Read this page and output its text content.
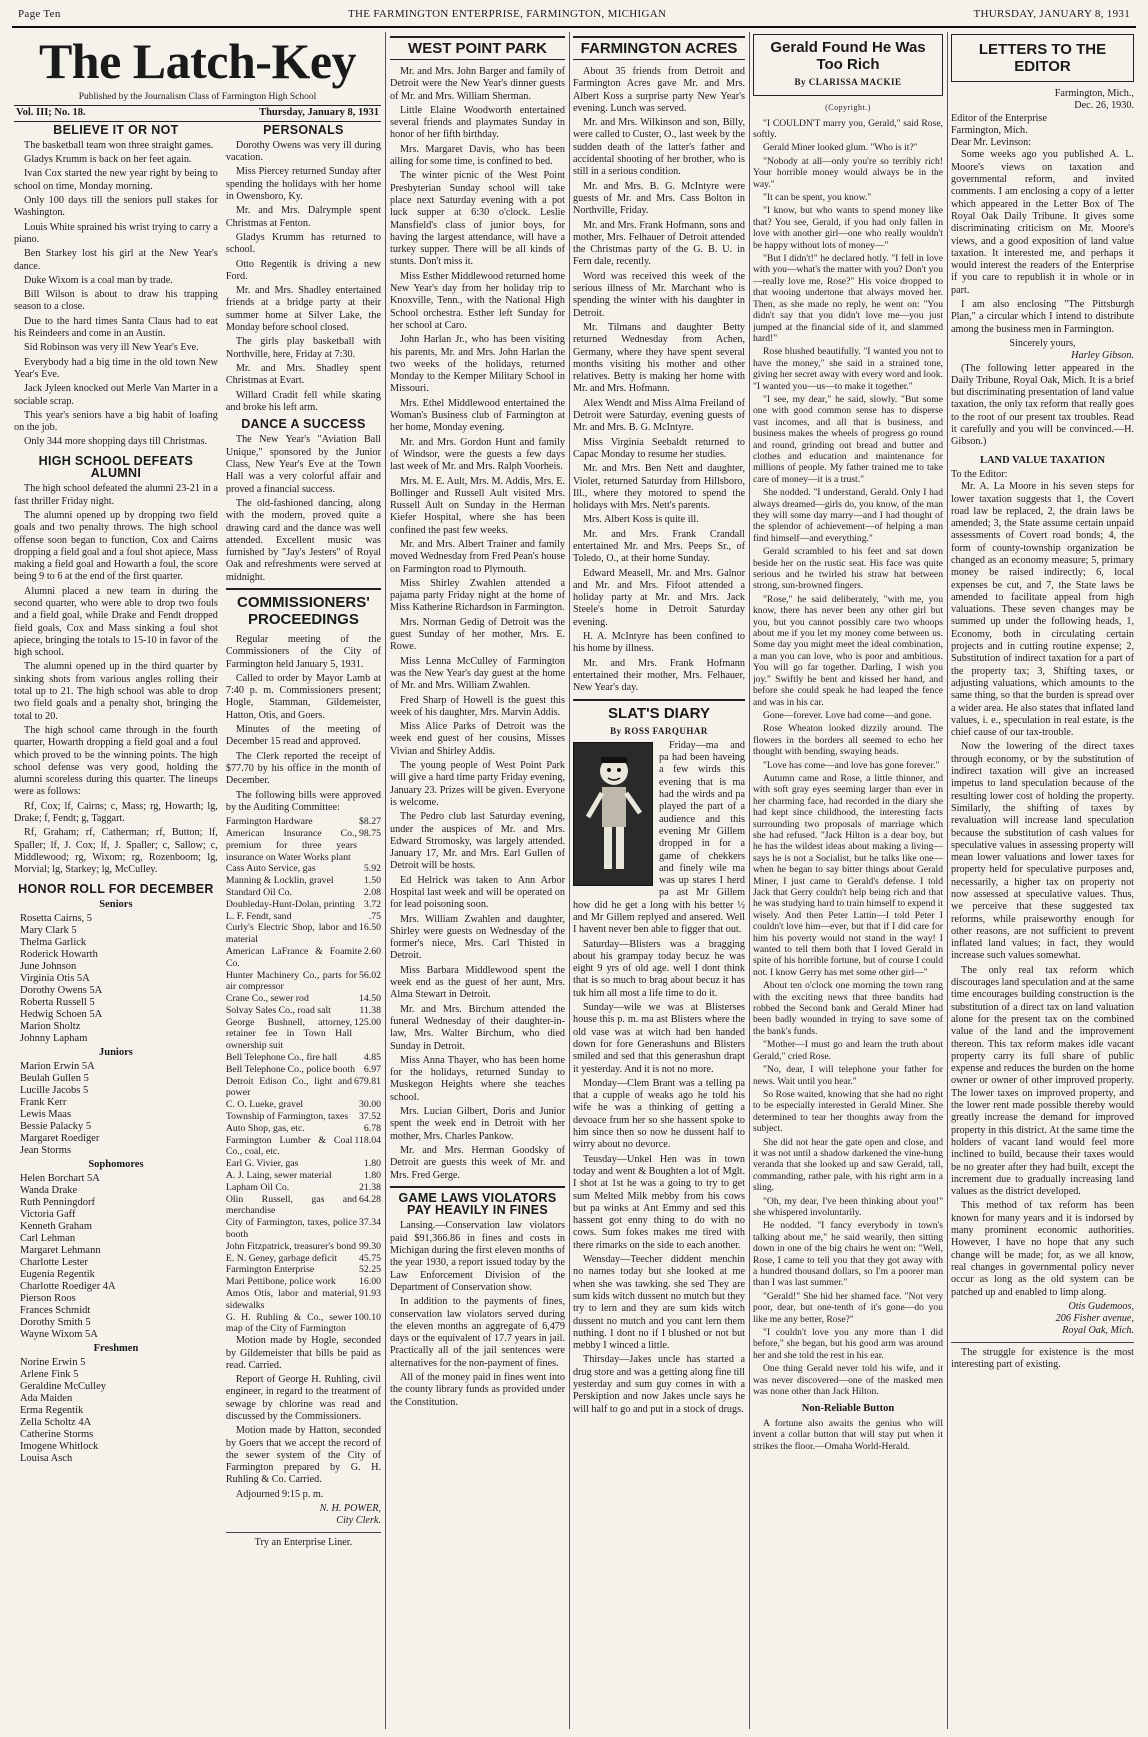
Page Ten	THE FARMINGTON ENTERPRISE, FARMINGTON, MICHIGAN	THURSDAY, JANUARY 8, 1931
The Latch-Key
Published by the Journalism Class of Farmington High School
Vol. III; No. 18.	Thursday, January 8, 1931
BELIEVE IT OR NOT

The basketball team won three straight games.

Gladys Krumm is back on her feet again.

Ivan Cox started the new year right by being to school on time, Monday morning.

Only 100 days till the seniors pull stakes for Washington.

Louis White sprained his wrist trying to carry a piano.

Ben Starkey lost his girl at the New Year's dance.

Duke Wixom is a coal man by trade.

Bill Wilson is about to draw his trapping season to a close.

Due to the hard times Santa Claus had to eat his Reindeers and come in an Austin.

Sid Robinson was very ill New Year's Eve.

Everybody had a big time in the old town New Year's Eve.

Jack Jyleen knocked out Merle Van Marter in a sociable scrap.

This year's seniors have a big habit of loafing on the job.

Only 344 more shopping days till Christmas.

HIGH SCHOOL DEFEATS ALUMNI

The high school defeated the alumni 23-21 in a fast thriller Friday night.

The alumni opened up by dropping two field goals and two penalty throws. The high school offense soon began to function, Cox and Cairns dropping a field goal and a foul shot apiece, Mass making a field goal and Howarth a foul, the score being 9 to 6 at the end of the first quarter.

Alumni placed a new team in during the second quarter, who were able to drop two fouls and a field goal, while Drake and Fendt dropped field goals, Cox and Mass sinking a foul shot apiece, bringing the totals to 15-10 in favor of the high school.

The alumni opened up in the third quarter by sinking shots from various angles rolling their total up to 21. The high school was able to drop two field goals and a penalty shot, bringing the total to 20.

The high school came through in the fourth quarter, Howarth dropping a field goal and a foul which proved to be the winning points. The high school defense was very good, holding the alumni scoreless during this quarter. The lineups were as follows:

Rf, Cox; lf, Cairns; c, Mass; rg, Howarth; lg, Drake; f, Fendt; g, Taggart.

Rf, Graham; rf, Catherman; rf, Button; lf, Spaller; lf, J. Cox; lf, J. Spaller; c, Sallow; c, Middlewood; rg, Wixom; rg, Rozenboom; lg, Morvial; lg, Starkey; lg, McCulley.

HONOR ROLL FOR DECEMBER
Seniors
Rosetta Cairns, 5
Mary Clark 5
Thelma Garlick
Roderick Howarth
June Johnson
Virginia Otis 5A
Dorothy Owens 5A
Roberta Russell 5
Hedwig Schoen 5A
Marion Sholtz
Johnny Lapham
Juniors
Marion Erwin 5A
Beulah Gullen 5
Lucille Jacobs 5
Frank Kerr
Lewis Maas
Bessie Palacky 5
Margaret Roediger
Jean Storms
Sophomores
Helen Borchart 5A
Wanda Drake
Ruth Penningdorf
Victoria Gaff
Kenneth Graham
Carl Lehman
Margaret Lehmann
Charlotte Lester
Eugenia Regentik
Charlotte Roediger 4A
Pierson Roos
Frances Schmidt
Dorothy Smith 5
Wayne Wixom 5A
Freshmen
Norine Erwin 5
Arlene Fink 5
Geraldine McCulley
Ada Maiden
Erma Regentik
Zella Scholtz 4A
Catherine Storms
Imogene Whitlock
Louisa Asch
PERSONALS

Dorothy Owens was very ill during vacation.

Miss Piercey returned Sunday after spending the holidays with her home in Owensboro, Ky.

Mr. and Mrs. Dalrymple spent Christmas at Fenton.

Gladys Krumm has returned to school.

Otto Regentik is driving a new Ford.

Mr. and Mrs. Shadley entertained friends at a bridge party at their summer home at Silver Lake, the Monday before school closed.

The girls play basketball with Northville, here, Friday at 7:30.

Mr. and Mrs. Shadley spent Christmas at Evart.

Willard Cradit fell while skating and broke his left arm.

DANCE A SUCCESS

The New Year's "Aviation Ball Unique," sponsored by the Junior Class, New Year's Eve at the Town Hall was a very colorful affair and proved a financial success.

The old-fashioned dancing, along with the modern, proved quite a drawing card and the dance was well attended. Excellent music was furnished by "Jay's Jesters" of Royal Oak and refreshments were served at midnight.

COMMISSIONERS' PROCEEDINGS

Regular meeting of the Commissioners of the City of Farmington held January 5, 1931.

Called to order by Mayor Lamb at 7:40 p. m. Commissioners present; Hogle, Stamman, Gildemeister, Hatton, Otis, and Goers.

Minutes of the meeting of December 15 read and approved.

The Clerk reported the receipt of $77.70 by his office in the month of December.

The following bills were approved by the Auditing Committee:

Farmington Hardware	$8.27
American Insurance Co., premium for three years insurance on Water Works plant
98.75
Cass Auto Service, gas	5.92
Manning & Locklin, gravel	1.50
Standard Oil Co.	2.08
Doubleday-Hunt-Dolan, printing 3.72
L. F. Fendt, sand	.75
Curly's Electric Shop, labor and material
16.50
American LaFrance & Foamite Co.
2.60
Hunter Machinery Co., parts for air compressor
56.02
Crane Co., sewer rod	14.50
Solvay Sales Co., road salt	11.38
George Bushnell, attorney, retainer fee in Town Hall ownership suit
125.00
Bell Telephone Co., fire hall	4.85
Bell Telephone Co., police booth 6.97
Detroit Edison Co., light and power
679.81
C. O. Lueke, gravel	30.00
Township of Farmington, taxes 37.52
Auto Shop, gas, etc.	6.78
Farmington Lumber & Coal Co., coal, etc.
118.04
Earl G. Vivier, gas	1.80
A. J. Laing, sewer material	1.80
Lapham Oil Co.	21.38
Olin Russell, gas and merchandise
64.28
City of Farmington, taxes, police booth
37.34
John Fitzpatrick, treasurer's bond 99.30
E. N. Geney, garbage deficit 45.75
Farmington Enterprise	52.25
Mari Pettibone, police work 16.00
Amos Otis, labor and material, sidewalks
91.93
G. H. Ruhling & Co., sewer map of the City of Farmington
100.10

Motion made by Hogle, seconded by Gildemeister that bills be paid as read. Carried.

Report of George H. Ruhling, civil engineer, in regard to the treatment of sewage by chlorine was read and discussed by the Commissioners.

Motion made by Hatton, seconded by Goers that we accept the record of the sewer system of the City of Farmington prepared by G. H. Ruhling & Co. Carried.

Adjourned 9:15 p. m.

N. H. POWER,
City Clerk.
Try an Enterprise Liner.
WEST POINT PARK

Mr. and Mrs. John Barger and family of Detroit were the New Year's dinner guests of Mr. and Mrs. William Sherman.

Little Elaine Woodworth entertained several friends and playmates Sunday in honor of her fifth birthday.

Mrs. Margaret Davis, who has been ailing for some time, is confined to bed.

The winter picnic of the West Point Presbyterian Sunday school will take place next Saturday evening with a pot luck supper at 6:30 o'clock. Leslie Mansfield's class of junior boys, for having the largest attendance, will have a turkey supper. There will be all kinds of stunts. Don't miss it.

Miss Esther Middlewood returned home New Year's day from her holiday trip to Knoxville, Tenn., with the National High School orchestra. Esther left Sunday for her school at Caro.

John Harlan Jr., who has been visiting his parents, Mr. and Mrs. John Harlan the two weeks of the holidays, returned Monday to the Kemper Military School in Missouri.

Mrs. Ethel Middlewood entertained the Woman's Business club of Farmington at her home, Monday evening.

Mr. and Mrs. Gordon Hunt and family of Windsor, were the guests a few days last week of Mr. and Mrs. Ralph Voorheis.

Mrs. M. E. Ault, Mrs. M. Addis, Mrs. E. Bollinger and Russell Ault visited Mrs. Russell Ault on Sunday in the Herman Kiefer Hospital, where she has been confined the past few weeks.

Mr. and Mrs. Albert Trainer and family moved Wednesday from Fred Pean's house on Farmington road to Plymouth.

Miss Shirley Zwahlen attended a pajama party Friday night at the home of Miss Katherine Richardson in Farmington.

Mrs. Norman Gedig of Detroit was the guest Sunday of her mother, Mrs. E. Rowe.

Miss Lenna McCulley of Farmington was the New Year's day guest at the home of Mr. and Mrs. William Zwahlen.

Fred Sharp of Howell is the guest this week of his daughter, Mrs. Marvin Addis.

Miss Alice Parks of Detroit was the week end guest of her cousins, Misses Vivian and Shirley Addis.

The young people of West Point Park will give a hard time party Friday evening, January 23. Prizes will be given. Everyone is welcome.

The Pedro club last Saturday evening, under the auspices of Mr. and Mrs. Edward Stromosky, was largely attended. January 17, Mr. and Mrs. Earl Gullen of Detroit will be hosts.

Ed Helrick was taken to Ann Arbor Hospital last week and will be operated on for lead poisoning soon.

Mrs. William Zwahlen and daughter, Shirley were guests on Wednesday of the former's niece, Mrs. Carl Thisted in Detroit.

Miss Barbara Middlewood spent the week end as the guest of her aunt, Mrs. Alma Stewart in Detroit.

Mr. and Mrs. Birchum attended the funeral Wednesday of their daughter-in-law, Mrs. Walter Birchum, who died Sunday in Detroit.

Miss Anna Thayer, who has been home for the holidays, returned Sunday to Muskegon Heights where she teaches school.

Mrs. Lucian Gilbert, Doris and Junior spent the week end in Detroit with her mother, Mrs. Charles Pankow.

Mr. and Mrs. Herman Goodsky of Detroit are guests this week of Mr. and Mrs. Fred Gerge.

GAME LAWS VIOLATORS PAY HEAVILY IN FINES

Lansing.—Conservation law violators paid $91,366.86 in fines and costs in Michigan during the first eleven months of the year 1930, a report issued today by the Law Enforcement Division of the Department of Conservation show.

In addition to the payments of fines, conservation law violators served during the eleven months an aggregate of 6,479 days or the equivalent of 17.7 years in jail. Practically all of the jail sentences were alternatives for the non-payment of fines.

All of the money paid in fines went into the county library funds as provided under the Constitution.

FARMINGTON ACRES

About 35 friends from Detroit and Farmington Acres gave Mr. and Mrs. Albert Koss a surprise party New Year's evening. Lunch was served.

Mr. and Mrs. Wilkinson and son, Billy, were called to Custer, O., last week by the sudden death of the latter's father and accidental shooting of her brother, who is still in a serious condition.

Mr. and Mrs. B. G. McIntyre were guests of Mr. and Mrs. Cass Bolton in Northville, Friday.

Mr. and Mrs. Frank Hofmann, sons and mother, Mrs. Felhauer of Detroit attended the Christmas party of the G. B. U. in Fern dale, recently.

Word was received this week of the serious illness of Mr. Marchant who is spending the winter with his daughter in Detroit.

Mr. Tilmans and daughter Betty returned Wednesday from Achen, Germany, where they have spent several months visiting his mother and other relatives. Betty is making her home with Mr. and Mrs. Hofmann.

Alex Wendt and Miss Alma Freiland of Detroit were Saturday, evening guests of Mr. and Mrs. B. G. McIntyre.

Miss Virginia Seebaldt returned to Capac Monday to resume her studies.

Mr. and Mrs. Ben Nett and daughter, Violet, returned Saturday from Hillsboro, Ill., where they motored to spend the holidays with Mrs. Nett's parents.

Mrs. Albert Koss is quite ill.

Mr. and Mrs. Frank Crandall entertained Mr. and Mrs. Peeps Sr., of Toledo, O., at their home Sunday.

Edward Measell, Mr. and Mrs. Galnor and Mr. and Mrs. Fifoot attended a holiday party at Mr. and Mrs. Jack Steele's home in Detroit Saturday evening.

H. A. McIntyre has been confined to his home by illness.

Mr. and Mrs. Frank Hofmann entertained their mother, Mrs. Felhauer, New Year's day.

SLAT'S DIARY
By ROSS FARQUHAR

Friday—ma and pa had been haveing a few wirds this evening that is ma had the wirds and pa played the part of a audience and this evening Mr Gillem dropped in for a game of chekkers and finely wile ma was up stares I herd pa ast Mr Gillem how did he get a long with his better ½ and Mr Gillem replyed and ansered. Well I havent never ben able to figger that out.

Saturday—Blisters was a bragging about his grampay today becuz he was eight 9 yrs of old age. well I dont think that is so much to brag about becuz it has tuk him all most a life time to do it.

Sunday—wile we was at Blisterses house this p. m. ma ast Blisters where the old vase was at witch had ben handed down for fore Generashuns and Blisters smiled and sed that this generashun drapt it yesterday. And it is not no more.

Monday—Clem Brant was a telling pa that a cupple of weaks ago he told his wife he was a thinking of getting a devoace frum her so she hassent spoke to him since then so now he dussent half to wirry about no devorce.

Teusday—Unkel Hen was in town today and went & Boughten a lot of Mglt. I shot at 1st he was a going to try to get sum Melted Milk mebby from his cows but pa winks at Ant Emmy and sed this hassent got enny thing to do with no cows. Sum fokes makes me tired with there rimarks on the side to each another.

Wensday—Teecher diddent menchin no names today but she looked at me when she was tawking. she sed They are sum kids witch dussent no mutch but they try to lern and they are sum kids witch dussent no mutch and you cant lern them nuthing. I dont no if I blushed or not but mebby I winced a little.

Thirsday—Jakes uncle has started a drug store and was a getting along fine till yesterday and sum guy comes in with a Perskiption and now Jakes uncle says he will half to go and put in a stock of drugs.

Gerald Found He Was Too Rich
By CLARISSA MACKIE
(Copyright.)

"I COULDN'T marry you, Gerald," said Rose, softly.

Gerald Miner looked glum. "Who is it?"

"Nobody at all—only you're so terribly rich! Your horrible money would always be in the way."

"It can be spent, you know."

"I know, but who wants to spend money like that? You see, Gerald, if you had only fallen in love with another girl—one who really wouldn't be happy without lots of money—"

"But I didn't!" he declared hotly. "I fell in love with you—what's the matter with you? Don't you—really love me, Rose?" His voice dropped to that wooing undertone that always moved her. Then, as she made no reply, he went on: "You didn't say that you didn't love me—you just jumped at the financial side of it, and slammed hard!"

Rose blushed beautifully. "I wanted you not to have the money," she said in a strained tone, giving her secret away with every word and look. "I wanted you—us—to make it together."

"I see, my dear," he said, slowly. "But some one with good common sense has to disperse vast incomes, and all that is business, and business makes the wheels of progress go round and round, grinding out bread and butter and clothes and education and maintenance for millions of people. My father trained me to take care of money—it is a trust."

She nodded. "I understand, Gerald. Only I had always dreamed—girls do, you know, of the man they will some day marry—and I had thought of the splendor of achievement—of helping a man find himself—and everything."

Gerald scrambled to his feet and sat down beside her on the rustic seat. His face was quite serious and he twirled his straw hat between strong, sun-browned fingers.

"Rose," he said deliberately, "with me, you know, there has never been any other girl but you, but you cannot possibly care two whoops about me if you let my money come between us. Some day you might meet the ideal combination, a man you can love, who is poor and ambitious. You will go far together. Darling, I wish you joy." Swiftly he bent and kissed her hand, and before she could speak he had leaped the fence and was in his car.

Gone—forever. Love had come—and gone.

Rose Wheaton looked dizzily around. The flowers in the borders all seemed to echo her thought with bending, swaying heads.

"Love has come—and love has gone forever."

Autumn came and Rose, a little thinner, and with soft gray eyes seeming larger than ever in her charming face, had recorded in the diary she had kept since childhood, the interesting facts surrounding two proposals of marriage which she had refused. "Jack Hilton is a dear boy, but he has the wildest ideas about making a living—says he is not a Socialist, but he talks like one—when he began to say bitter things about Gerald Miner, I just came to Gerald's defense. I told Jack that Gerry couldn't help being rich and that he was studying hard to train himself to expend it wisely. And then Peter Lattin—I told Peter I couldn't love him—ever, but that if I did care for him his poverty would not stand in the way! I wanted to tell them both that I loved Gerald in spite of his horrible fortune, but of course I could not. I know Gerry has met some other girl—"

About ten o'clock one morning the town rang with the exciting news that three bandits had robbed the Second bank and Gerald Miner had been badly wounded in trying to save some of the bank's funds.

"Mother—I must go and learn the truth about Gerald," cried Rose.

"No, dear, I will telephone your father for news. Wait until you hear."

So Rose waited, knowing that she had no right to be especially interested in Gerald Miner. She determined to tear her thoughts away from the subject.

She did not hear the gate open and close, and it was not until a shadow darkened the vine-hung veranda that she looked up and saw Gerald, tall, commanding, rather pale, with his right arm in a sling.

"Oh, my dear, I've been thinking about you!" she whispered involuntarily.

He nodded. "I fancy everybody in town's talking about me," he said wearily, then sitting down in one of the big chairs he went on: "Well, Rose, I came to tell you that they got away with a hundred thousand dollars, so I'm a poorer man than I was last summer."

"Gerald!" She hid her shamed face. "Not very poor, dear, but one-tenth of it's gone—do you like me any better, Rose?"

"I couldn't love you any more than I did before," she began, but his good arm was around her and she told the rest in his ear.

One thing Gerald never told his wife, and it was never discovered—one of the masked men was none other than Jack Hilton.

Non-Reliable Button

A fortune also awaits the genius who will invent a collar button that will stay put when it strikes the floor.—Omaha World-Herald.

LETTERS TO THE EDITOR
Farmington, Mich.,
Dec. 26, 1930.
Editor of the Enterprise
Farmington, Mich.
Dear Mr. Levinson:

Some weeks ago you published A. L. Moore's views on taxation and governmental reform, and invited comments. I am enclosing a copy of a letter which appeared in the Letter Box of The Royal Oak Daily Tribune. It gives some discriminating criticism on Mr. Moore's views, and a good exposition of land value taxation. It interested me, and perhaps it would interest the readers of the Enterprise if you care to republish it in whole or in part.

I am also enclosing "The Pittsburgh Plan," a circular which I intend to distribute among the business men in Farmington.

Sincerely yours,
Harley Gibson.

(The following letter appeared in the Daily Tribune, Royal Oak, Mich. It is a brief but discriminating presentation of land value taxation, the only tax reform that really goes to the root of our present tax troubles. Read it carefully and you will be convinced.—H. Gibson.)

LAND VALUE TAXATION
To the Editor:

Mr. A. La Moore in his seven steps for lower taxation suggests that 1, the Covert road law be replaced, 2, the drain laws be amended; 3, the State assume certain unpaid assessments of Covert road bonds; 4, the form of county-township organization be changed as an economy measure; 5, primary money be raised indirectly; 6, local expenses be cut, and 7, the State laws be amended to facilitate appeal from high valuations. These seven changes may be summed up under the following heads, 1, Economy, both in circulating certain projects and in cutting routine expense; 2, Substitution of indirect taxation for a part of the property tax; 3, Shifting taxes, or adjusting valuations, which amounts to the same thing, so that the burden is spread over a wider area. He also states that inflated land values, i. e., speculation in real estate, is the chief cause of our tax-trouble.

Now the lowering of the direct taxes through economy, or by the substitution of indirect taxation will give an increased impetus to land speculation because of the resulting lower cost of holding the property. Similarly, the shifting of taxes by revaluation will increase land speculation because the substitution of cash values for speculative values in assessing property will mean lower valuations and lower taxes for property held for speculative purposes and, necessarily, a higher tax on property not now assessed at speculative values. Thus, we perceive that these suggested tax reforms, while praiseworthy enough for other reasons, are not sufficient to prevent inflated land values; in fact, they would increase such values somewhat.

The only real tax reform which discourages land speculation and at the same time encourages building construction is the substitution of a direct tax on land valuation alone for the present tax on the combined value of the land and the improvement thereon. This tax reform makes idle vacant property carry its full share of public expense and reduces the burden on the home owner or owner of other improved property. The lower taxes on improved property, and the lower rent made possible thereby would greatly increase the demand for improved property in this district. At the same time the holders of vacant land would feel more inclined to build, because their taxes would be no greater after they had built, except the increment due to gradually increasing land values as the district developed.

This method of tax reform has been known for many years and it is indorsed by many prominent economic authorities. However, I have no hope that any such change will be made; for, as we all know, real changes in governmental policy never occur as long as the old system can be patched up and enabled to limp along.

Otis Gudemoos,
206 Fisher avenue,
Royal Oak, Mich.

The struggle for existence is the most interesting part of existing.
